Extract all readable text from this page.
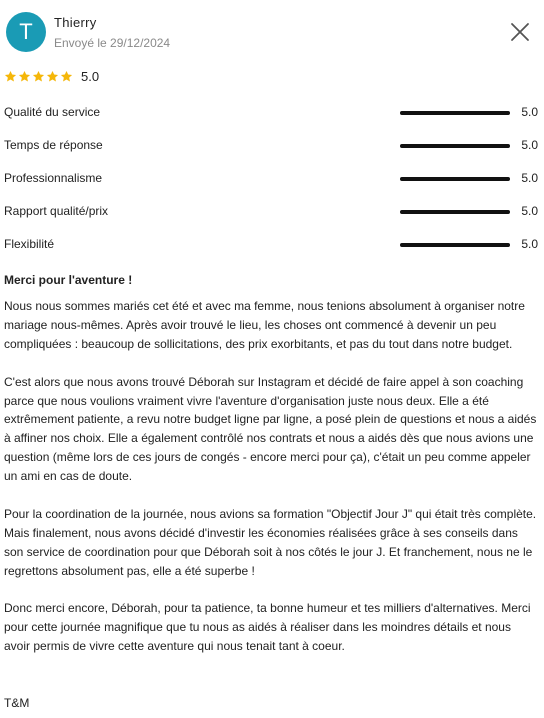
T	Thierry
Envoyé le 29/12/2024
5.0
Qualité du service	5.0
Temps de réponse	5.0
Professionnalisme	5.0
Rapport qualité/prix	5.0
Flexibilité	5.0
Merci pour l'aventure !

Nous nous sommes mariés cet été et avec ma femme, nous tenions absolument à organiser notre mariage nous-mêmes. Après avoir trouvé le lieu, les choses ont commencé à devenir un peu compliquées : beaucoup de sollicitations, des prix exorbitants, et pas du tout dans notre budget.

C'est alors que nous avons trouvé Déborah sur Instagram et décidé de faire appel à son coaching parce que nous voulions vraiment vivre l'aventure d'organisation juste nous deux. Elle a été extrêmement patiente, a revu notre budget ligne par ligne, a posé plein de questions et nous a aidés à affiner nos choix. Elle a également contrôlé nos contrats et nous a aidés dès que nous avions une question (même lors de ces jours de congés - encore merci pour ça), c'était un peu comme appeler un ami en cas de doute.

Pour la coordination de la journée, nous avions sa formation "Objectif Jour J" qui était très complète. Mais finalement, nous avons décidé d'investir les économies réalisées grâce à ses conseils dans son service de coordination pour que Déborah soit à nos côtés le jour J. Et franchement, nous ne le regrettons absolument pas, elle a été superbe !

Donc merci encore, Déborah, pour ta patience, ta bonne humeur et tes milliers d'alternatives. Merci pour cette journée magnifique que tu nous as aidés à réaliser dans les moindres détails et nous avoir permis de vivre cette aventure qui nous tenait tant à coeur.

T&M
